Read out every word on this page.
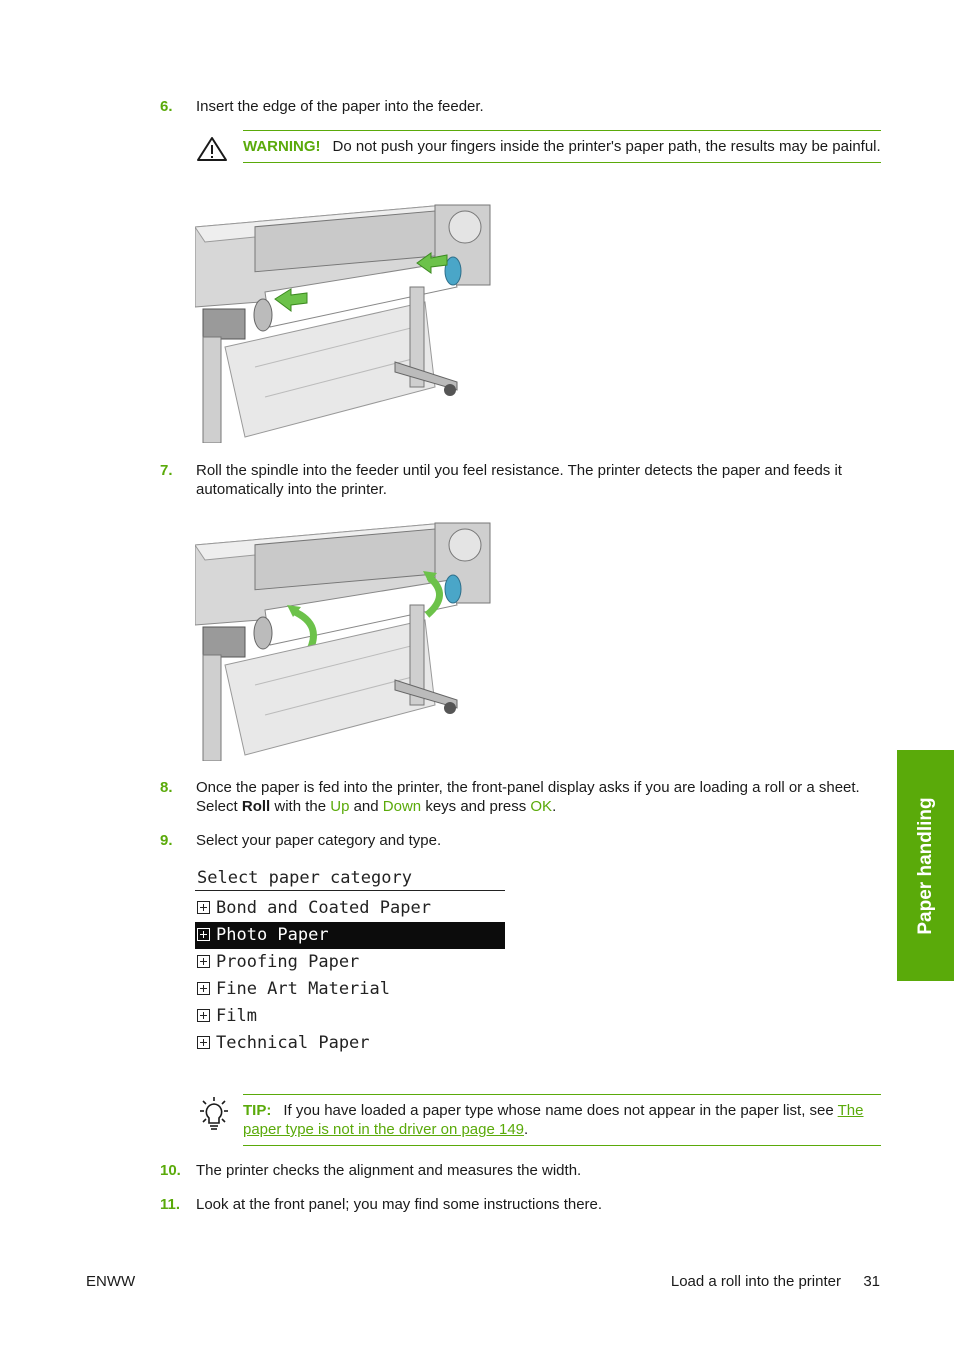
6. Insert the edge of the paper into the feeder.
WARNING! Do not push your fingers inside the printer's paper path, the results may be painful.
7. Roll the spindle into the feeder until you feel resistance. The printer detects the paper and feeds it automatically into the printer.
8. Once the paper is fed into the printer, the front-panel display asks if you are loading a roll or a sheet. Select Roll with the Up and Down keys and press OK.
9. Select your paper category and type.
Select paper category
Bond and Coated Paper
Photo Paper
Proofing Paper
Fine Art Material
Film
Technical Paper
TIP: If you have loaded a paper type whose name does not appear in the paper list, see The paper type is not in the driver on page 149.
10. The printer checks the alignment and measures the width.
11. Look at the front panel; you may find some instructions there.
Paper handling
ENWW	Load a roll into the printer 31
